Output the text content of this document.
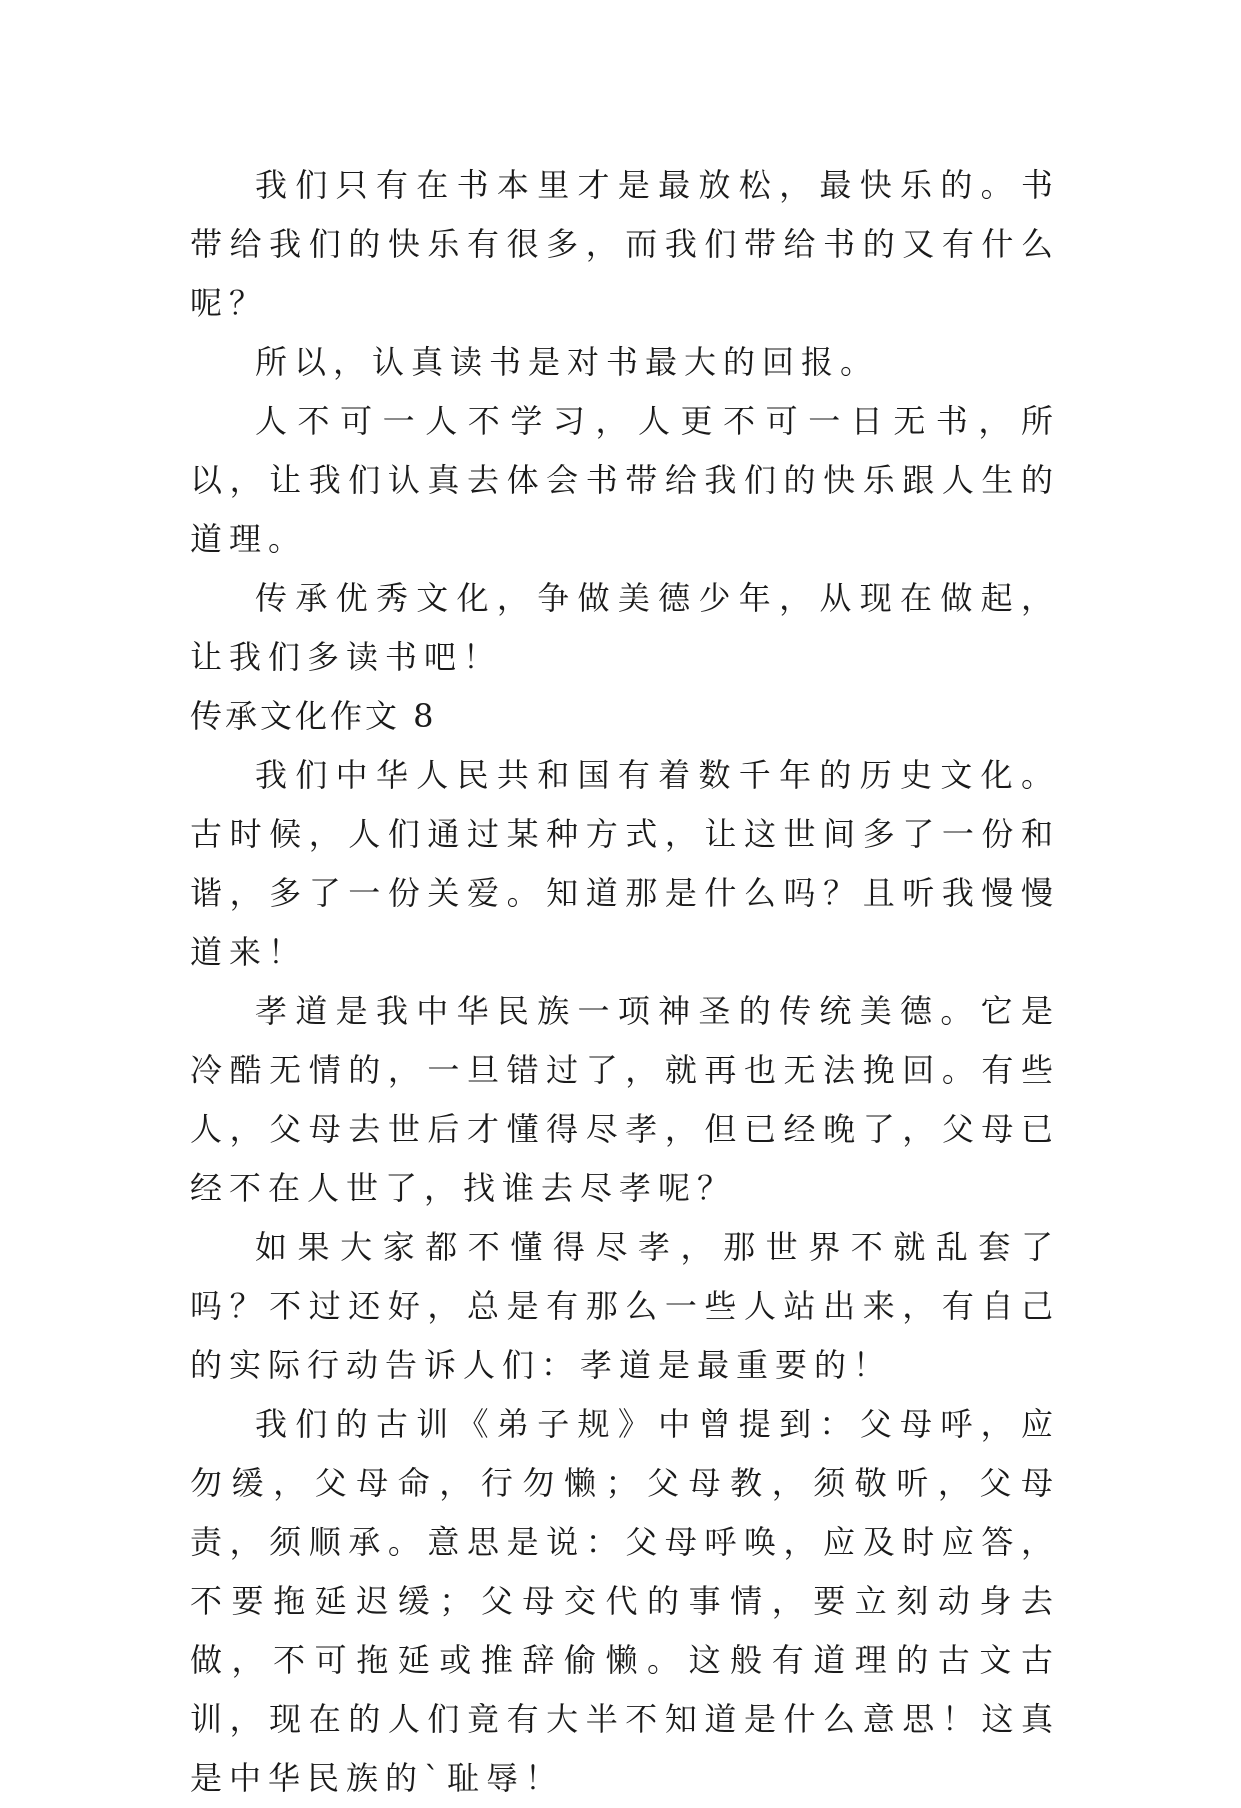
我们只有在书本里才是最放松，最快乐的。书带给我们的快乐有很多，而我们带给书的又有什么呢？

所以，认真读书是对书最大的回报。

人不可一人不学习，人更不可一日无书，所以，让我们认真去体会书带给我们的快乐跟人生的道理。

传承优秀文化，争做美德少年，从现在做起，让我们多读书吧！

传承文化作文 8

我们中华人民共和国有着数千年的历史文化。古时候，人们通过某种方式，让这世间多了一份和谐，多了一份关爱。知道那是什么吗？且听我慢慢道来！

孝道是我中华民族一项神圣的传统美德。它是冷酷无情的，一旦错过了，就再也无法挽回。有些人，父母去世后才懂得尽孝，但已经晚了，父母已经不在人世了，找谁去尽孝呢？

如果大家都不懂得尽孝，那世界不就乱套了吗？不过还好，总是有那么一些人站出来，有自己的实际行动告诉人们：孝道是最重要的！

我们的古训《弟子规》中曾提到：父母呼，应勿缓，父母命，行勿懒；父母教，须敬听，父母责，须顺承。意思是说：父母呼唤，应及时应答，不要拖延迟缓；父母交代的事情，要立刻动身去做，不可拖延或推辞偷懒。这般有道理的古文古训，现在的人们竟有大半不知道是什么意思！这真是中华民族的`耻辱！
